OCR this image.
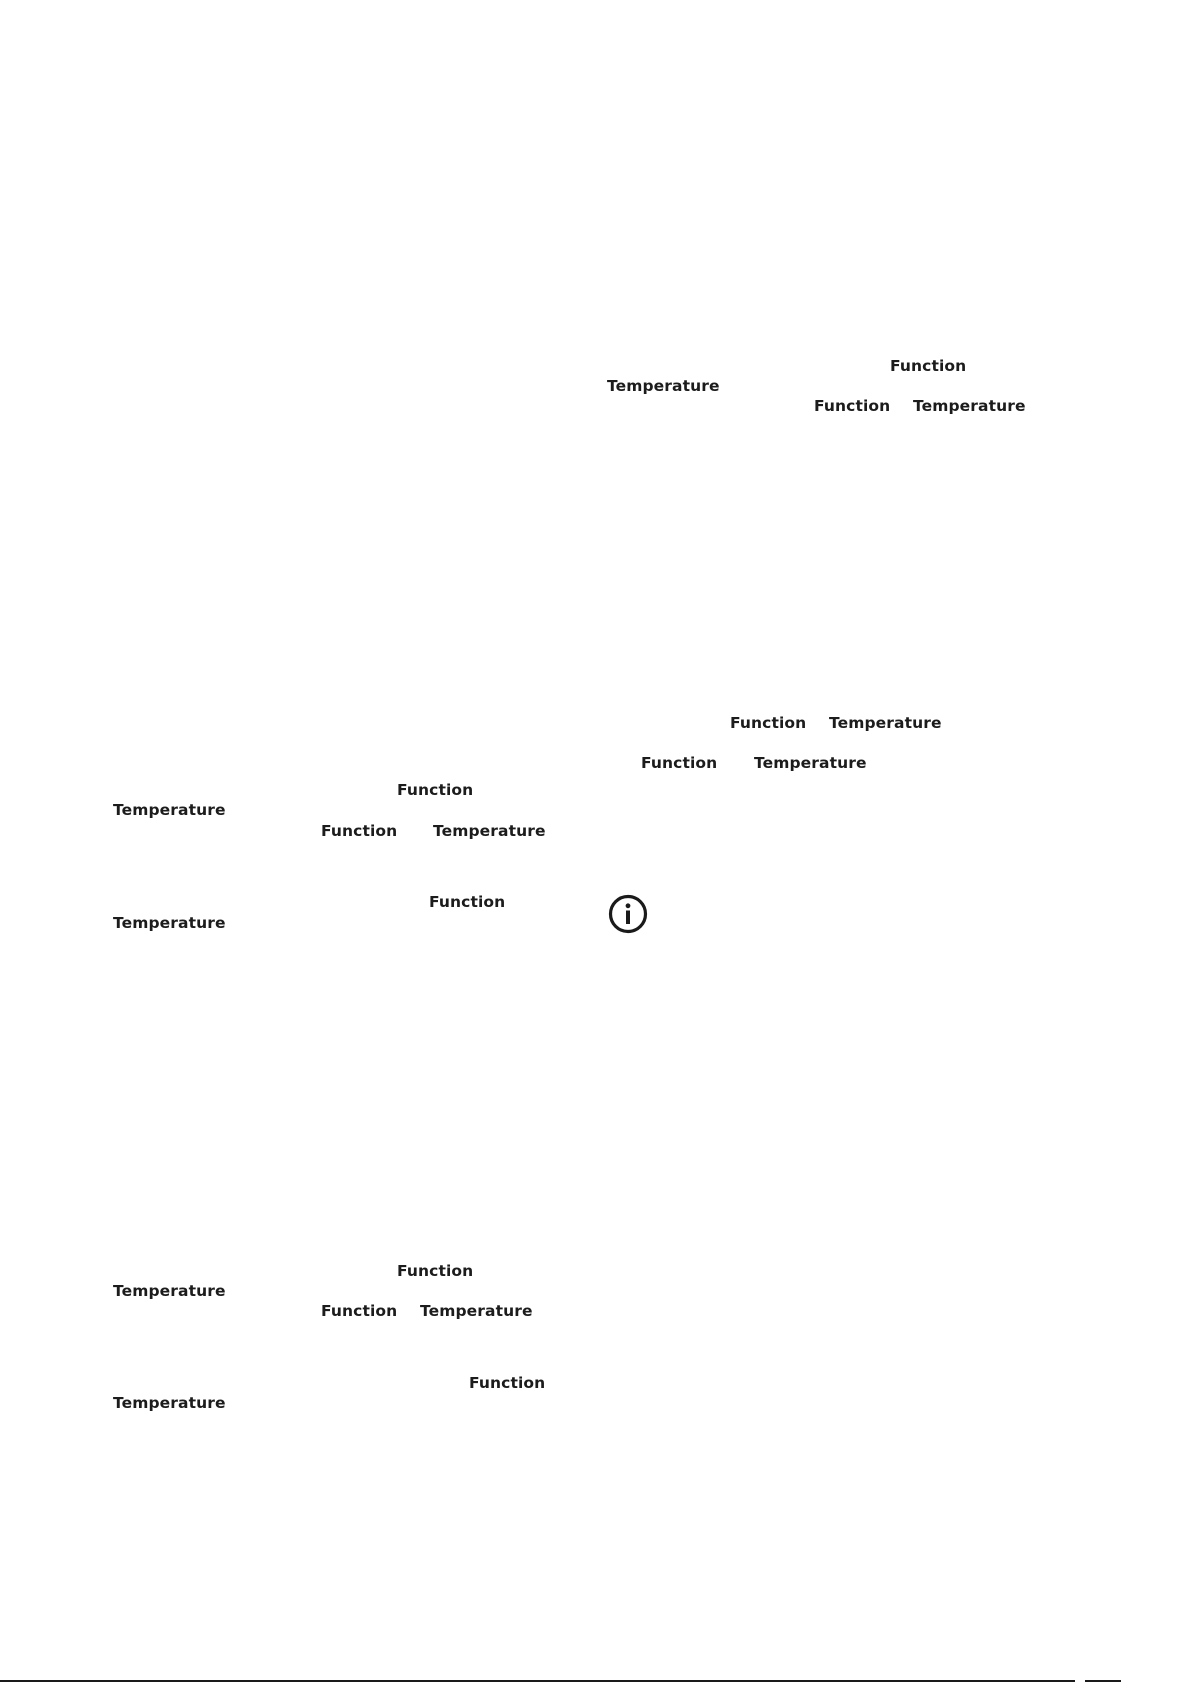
Function
Temperature
Function Temperature
Function Temperature
Function Temperature
Function
Temperature
Function Temperature
Function
Temperature
Function
Temperature
Function Temperature
Function
Temperature
